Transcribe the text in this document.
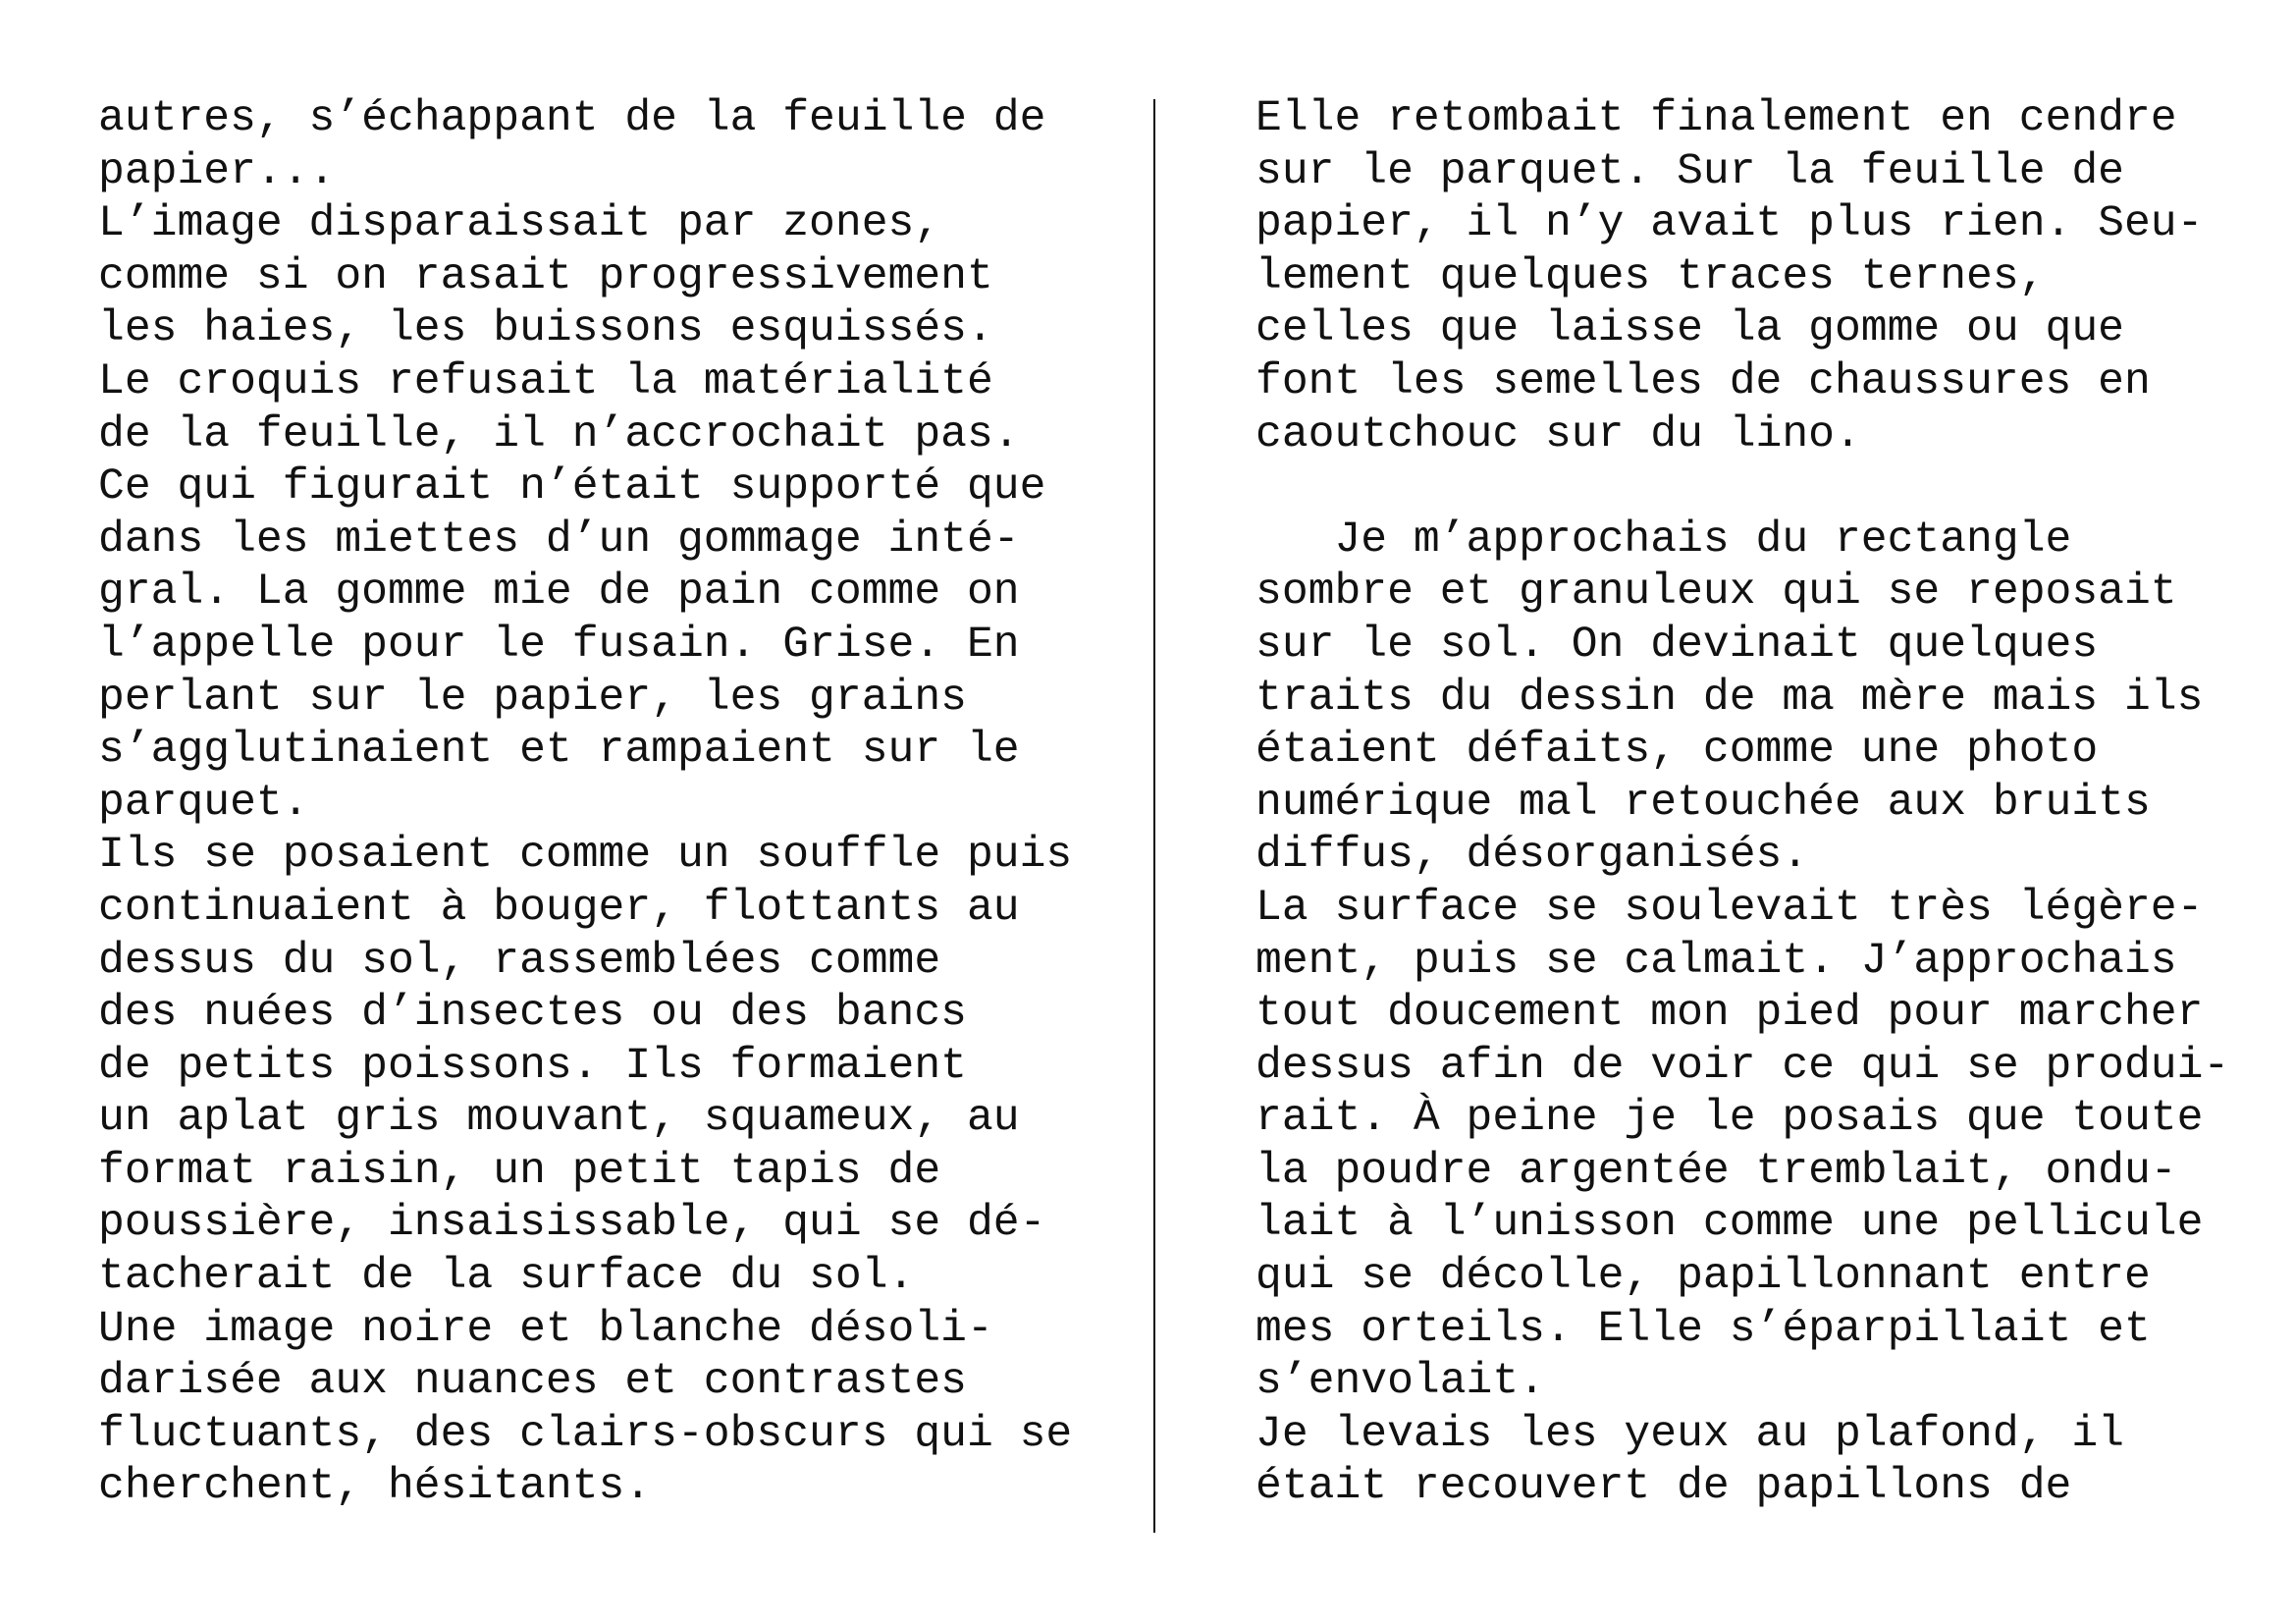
autres, s’échappant de la feuille de
papier...
L’image disparaissait par zones,
comme si on rasait progressivement
les haies, les buissons esquissés.
Le croquis refusait la matérialité
de la feuille, il n’accrochait pas.
Ce qui figurait n’était supporté que
dans les miettes d’un gommage inté-
gral. La gomme mie de pain comme on
l’appelle pour le fusain. Grise. En
perlant sur le papier, les grains
s’agglutinaient et rampaient sur le
parquet.
Ils se posaient comme un souffle puis
continuaient à bouger, flottants au
dessus du sol, rassemblées comme
des nuées d’insectes ou des bancs
de petits poissons. Ils formaient
un aplat gris mouvant, squameux, au
format raisin, un petit tapis de
poussière, insaisissable, qui se dé-
tacherait de la surface du sol.
Une image noire et blanche désoli-
darisée aux nuances et contrastes
fluctuants, des clairs-obscurs qui se
cherchent, hésitants.
Elle retombait finalement en cendre
sur le parquet. Sur la feuille de
papier, il n’y avait plus rien. Seu-
lement quelques traces ternes,
celles que laisse la gomme ou que
font les semelles de chaussures en
caoutchouc sur du lino.
Je m’approchais du rectangle
sombre et granuleux qui se reposait
sur le sol. On devinait quelques
traits du dessin de ma mère mais ils
étaient défaits, comme une photo
numérique mal retouchée aux bruits
diffus, désorganisés.
La surface se soulevait très légère-
ment, puis se calmait. J’approchais
tout doucement mon pied pour marcher
dessus afin de voir ce qui se produi-
rait. À peine je le posais que toute
la poudre argentée tremblait, ondu-
lait à l’unisson comme une pellicule
qui se décolle, papillonnant entre
mes orteils. Elle s’éparpillait et
s’envolait.
Je levais les yeux au plafond, il
était recouvert de papillons de
